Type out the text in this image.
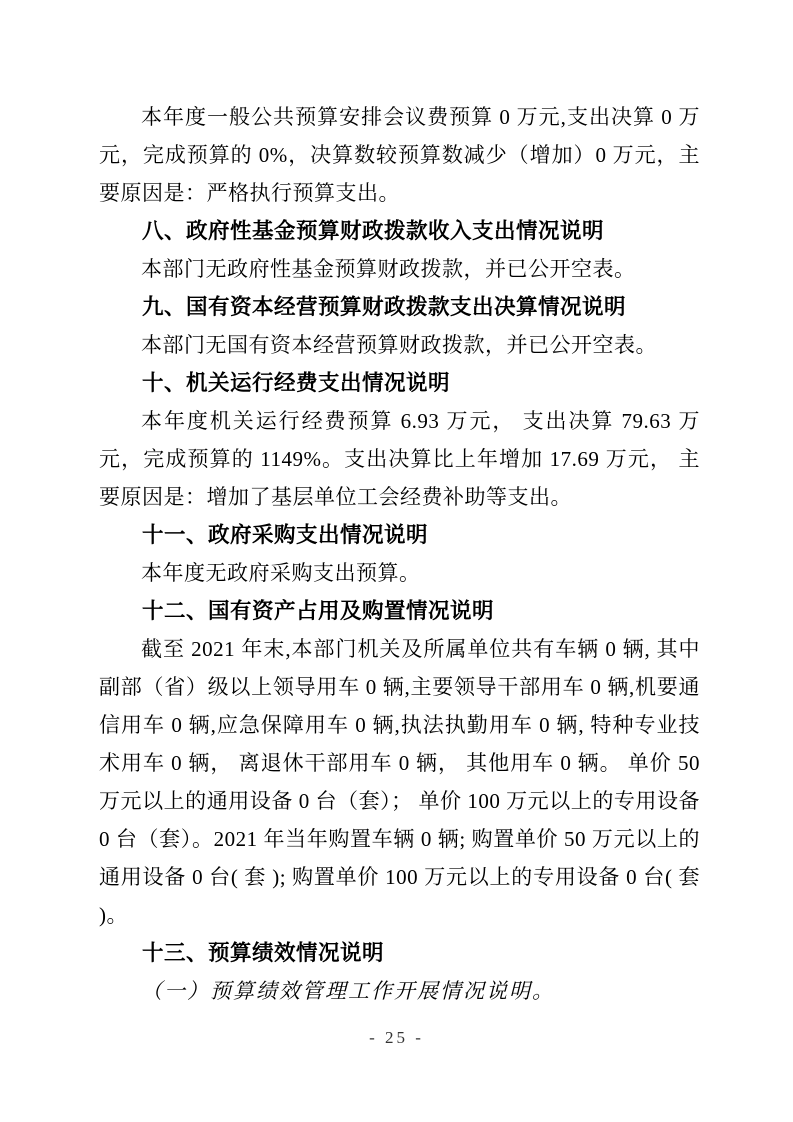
本年度一般公共预算安排会议费预算 0 万元,支出决算 0 万元，完成预算的 0%，决算数较预算数减少（增加）0 万元，主要原因是：严格执行预算支出。

八、政府性基金预算财政拨款收入支出情况说明

本部门无政府性基金预算财政拨款，并已公开空表。

九、国有资本经营预算财政拨款支出决算情况说明

本部门无国有资本经营预算财政拨款，并已公开空表。

十、机关运行经费支出情况说明

本年度机关运行经费预算 6.93 万元， 支出决算 79.63 万元，完成预算的 1149%。支出决算比上年增加 17.69 万元， 主要原因是：增加了基层单位工会经费补助等支出。

十一、政府采购支出情况说明

本年度无政府采购支出预算。

十二、国有资产占用及购置情况说明

截至 2021 年末,本部门机关及所属单位共有车辆 0 辆, 其中副部（省）级以上领导用车 0 辆,主要领导干部用车 0 辆,机要通信用车 0 辆,应急保障用车 0 辆,执法执勤用车 0 辆, 特种专业技术用车 0 辆， 离退休干部用车 0 辆， 其他用车 0 辆。 单价 50 万元以上的通用设备 0 台（套）； 单价 100 万元以上的专用设备 0 台（套）。2021 年当年购置车辆 0 辆; 购置单价 50 万元以上的通用设备 0 台( 套 ); 购置单价 100 万元以上的专用设备 0 台( 套 )。

十三、预算绩效情况说明

（一）预算绩效管理工作开展情况说明。

- 25 -
